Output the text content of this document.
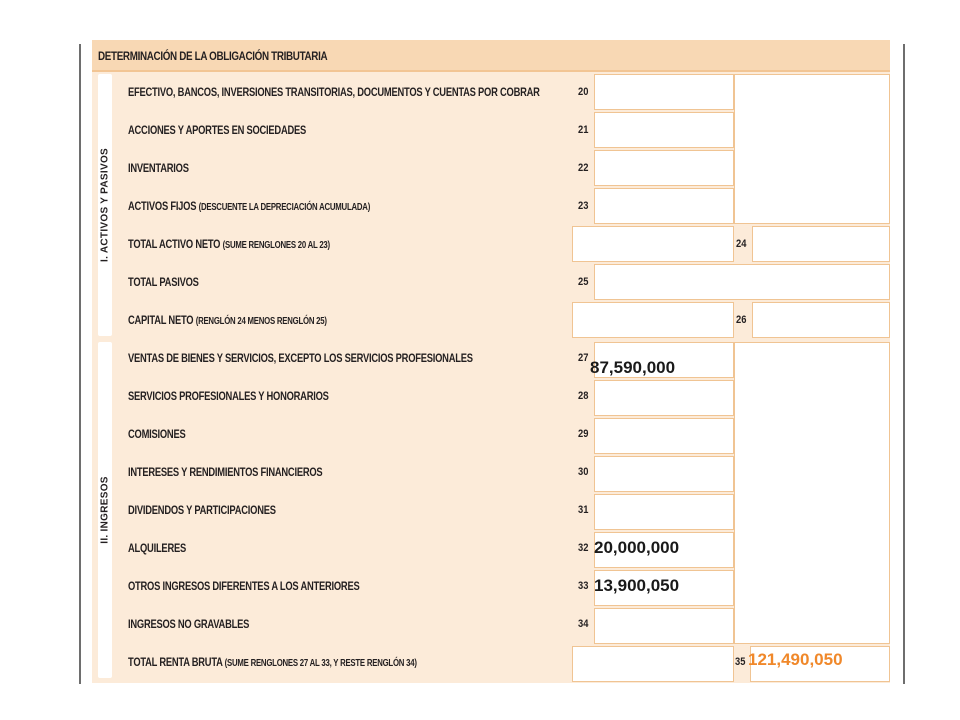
DETERMINACIÓN DE LA OBLIGACIÓN TRIBUTARIA
I. ACTIVOS Y PASIVOS
EFECTIVO, BANCOS, INVERSIONES TRANSITORIAS, DOCUMENTOS Y CUENTAS POR COBRAR	20
ACCIONES Y APORTES EN SOCIEDADES	21
INVENTARIOS	22
ACTIVOS FIJOS (DESCUENTE LA DEPRECIACIÓN ACUMULADA)	23
TOTAL ACTIVO NETO (SUME RENGLONES 20 AL 23)	24
TOTAL PASIVOS	25
CAPITAL NETO (RENGLÓN 24 MENOS RENGLÓN 25)	26
II. INGRESOS
VENTAS DE BIENES Y SERVICIOS, EXCEPTO LOS SERVICIOS PROFESIONALES	27 87,590,000
SERVICIOS PROFESIONALES Y HONORARIOS	28
COMISIONES	29
INTERESES Y RENDIMIENTOS FINANCIEROS	30
DIVIDENDOS Y PARTICIPACIONES	31
ALQUILERES	32 20,000,000
OTROS INGRESOS DIFERENTES A LOS ANTERIORES	33 13,900,050
INGRESOS NO GRAVABLES	34
TOTAL RENTA BRUTA (SUME RENGLONES 27 AL 33, Y RESTE RENGLÓN 34)	35 121,490,050
